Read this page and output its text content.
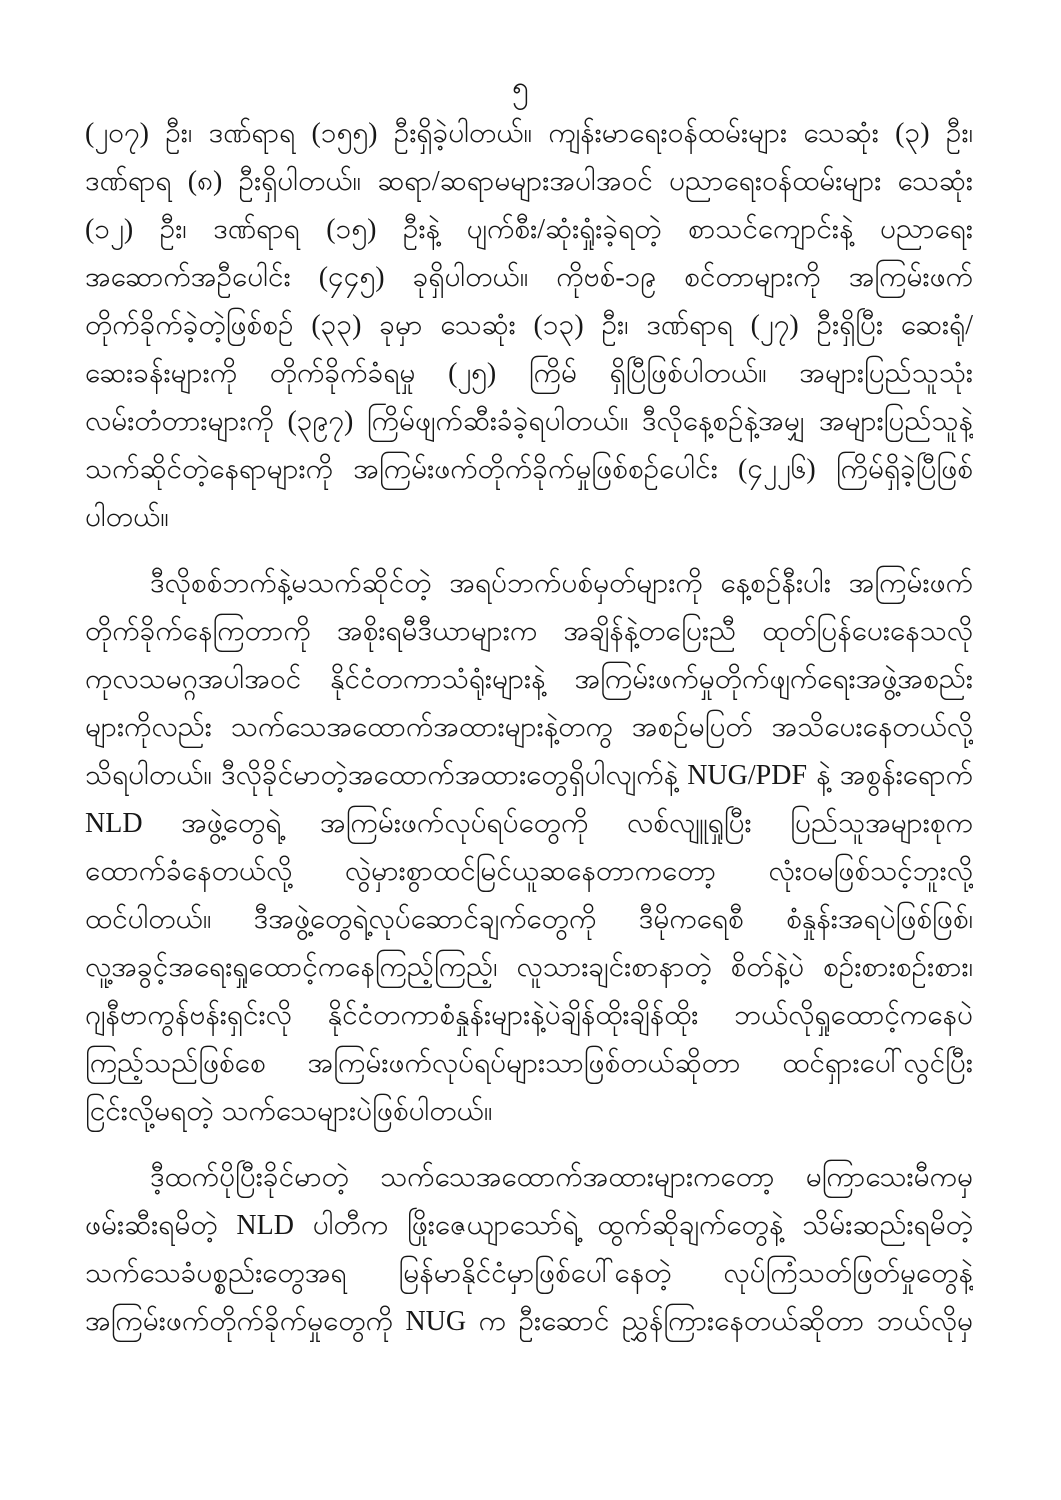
၅
(၂၀၇) ဦး၊ ဒဏ်ရာရ (၁၅၅) ဦးရှိခဲ့ပါတယ်။ ကျန်းမာရေးဝန်ထမ်းများ သေဆုံး (၃) ဦး၊
ဒဏ်ရာရ (၈) ဦးရှိပါတယ်။ ဆရာ/ဆရာမများအပါအဝင် ပညာရေးဝန်ထမ်းများ သေဆုံး
(၁၂) ဦး၊ ဒဏ်ရာရ (၁၅) ဦးနဲ့ ပျက်စီး/ဆုံးရှုံးခဲ့ရတဲ့ စာသင်ကျောင်းနဲ့ ပညာရေး
အဆောက်အဦပေါင်း (၄၄၅) ခုရှိပါတယ်။ ကိုဗစ်-၁၉ စင်တာများကို အကြမ်းဖက်
တိုက်ခိုက်ခဲ့တဲ့ဖြစ်စဉ် (၃၃) ခုမှာ သေဆုံး (၁၃) ဦး၊ ဒဏ်ရာရ (၂၇) ဦးရှိပြီး ဆေးရုံ/
ဆေးခန်းများကို တိုက်ခိုက်ခံရမှု (၂၅) ကြိမ် ရှိပြီဖြစ်ပါတယ်။ အများပြည်သူသုံး
လမ်းတံတားများကို (၃၉၇) ကြိမ်ဖျက်ဆီးခံခဲ့ရပါတယ်။ ဒီလိုနေ့စဉ်နဲ့အမျှ အများပြည်သူနဲ့
သက်ဆိုင်တဲ့နေရာများကို အကြမ်းဖက်တိုက်ခိုက်မှုဖြစ်စဉ်ပေါင်း (၄၂၂၆) ကြိမ်ရှိခဲ့ပြီဖြစ်
ပါတယ်။
ဒီလိုစစ်ဘက်နဲ့မသက်ဆိုင်တဲ့ အရပ်ဘက်ပစ်မှတ်များကို နေ့စဉ်နီးပါး အကြမ်းဖက်
တိုက်ခိုက်နေကြတာကို အစိုးရမီဒီယာများက အချိန်နဲ့တပြေးညီ ထုတ်ပြန်ပေးနေသလို
ကုလသမဂ္ဂအပါအဝင် နိုင်ငံတကာသံရုံးများနဲ့ အကြမ်းဖက်မှုတိုက်ဖျက်ရေးအဖွဲ့အစည်း
များကိုလည်း သက်သေအထောက်အထားများနဲ့တကွ အစဉ်မပြတ် အသိပေးနေတယ်လို့
သိရပါတယ်။ ဒီလိုခိုင်မာတဲ့အထောက်အထားတွေရှိပါလျက်နဲ့ NUG/PDF နဲ့ အစွန်းရောက်
NLD အဖွဲ့တွေရဲ့ အကြမ်းဖက်လုပ်ရပ်တွေကို လစ်လျူရှုပြီး ပြည်သူအများစုက
ထောက်ခံနေတယ်လို့ လွဲမှားစွာထင်မြင်ယူဆနေတာကတော့ လုံးဝမဖြစ်သင့်ဘူးလို့
ထင်ပါတယ်။ ဒီအဖွဲ့တွေရဲ့လုပ်ဆောင်ချက်တွေကို ဒီမိုကရေစီ စံနှုန်းအရပဲဖြစ်ဖြစ်၊
လူ့အခွင့်အရေးရှုထောင့်ကနေကြည့်ကြည့်၊ လူသားချင်းစာနာတဲ့ စိတ်နဲ့ပဲ စဉ်းစားစဉ်းစား၊
ဂျနီဗာကွန်ဗန်းရှင်းလို နိုင်ငံတကာစံနှုန်းများနဲ့ပဲချိန်ထိုးချိန်ထိုး ဘယ်လိုရှုထောင့်ကနေပဲ
ကြည့်သည်ဖြစ်စေ အကြမ်းဖက်လုပ်ရပ်များသာဖြစ်တယ်ဆိုတာ ထင်ရှားပေါ်လွင်ပြီး
ငြင်းလို့မရတဲ့ သက်သေများပဲဖြစ်ပါတယ်။
ဒီ့ထက်ပိုပြီးခိုင်မာတဲ့ သက်သေအထောက်အထားများကတော့ မကြာသေးမီကမှ
ဖမ်းဆီးရမိတဲ့ NLD ပါတီက ဖြိုးဇေယျာသော်ရဲ့ ထွက်ဆိုချက်တွေနဲ့ သိမ်းဆည်းရမိတဲ့
သက်သေခံပစ္စည်းတွေအရ မြန်မာနိုင်ငံမှာဖြစ်ပေါ်နေတဲ့ လုပ်ကြံသတ်ဖြတ်မှုတွေနဲ့
အကြမ်းဖက်တိုက်ခိုက်မှုတွေကို NUG က ဦးဆောင် ညွှန်ကြားနေတယ်ဆိုတာ ဘယ်လိုမှ
